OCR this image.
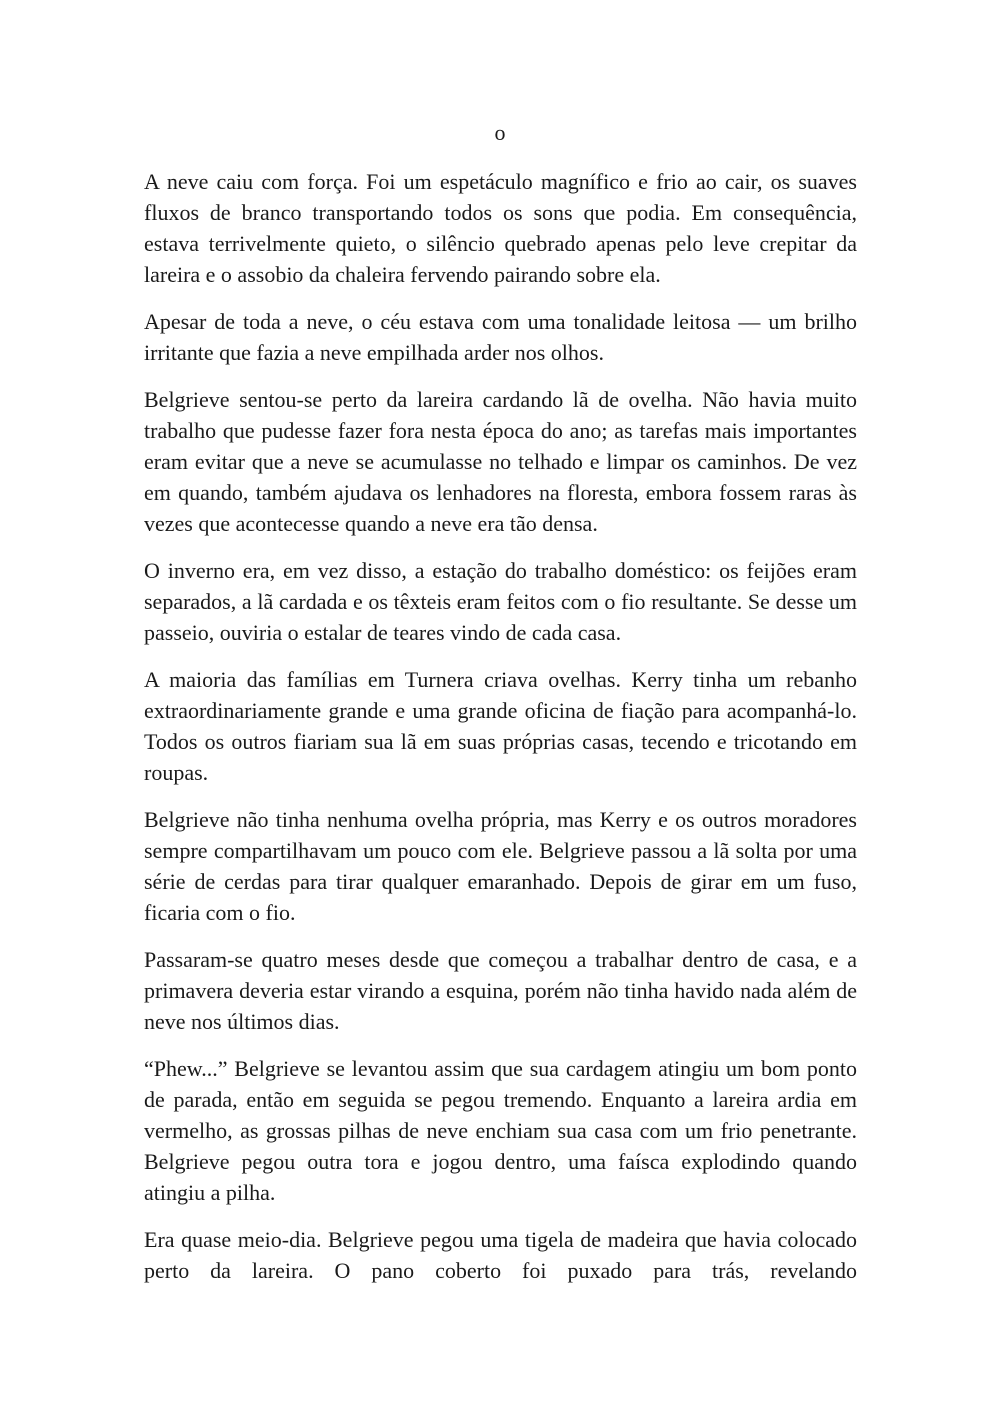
o

A neve caiu com força. Foi um espetáculo magnífico e frio ao cair, os suaves fluxos de branco transportando todos os sons que podia. Em consequência, estava terrivelmente quieto, o silêncio quebrado apenas pelo leve crepitar da lareira e o assobio da chaleira fervendo pairando sobre ela.

Apesar de toda a neve, o céu estava com uma tonalidade leitosa — um brilho irritante que fazia a neve empilhada arder nos olhos.

Belgrieve sentou-se perto da lareira cardando lã de ovelha. Não havia muito trabalho que pudesse fazer fora nesta época do ano; as tarefas mais importantes eram evitar que a neve se acumulasse no telhado e limpar os caminhos. De vez em quando, também ajudava os lenhadores na floresta, embora fossem raras às vezes que acontecesse quando a neve era tão densa.

O inverno era, em vez disso, a estação do trabalho doméstico: os feijões eram separados, a lã cardada e os têxteis eram feitos com o fio resultante. Se desse um passeio, ouviria o estalar de teares vindo de cada casa.

A maioria das famílias em Turnera criava ovelhas. Kerry tinha um rebanho extraordinariamente grande e uma grande oficina de fiação para acompanhá-lo. Todos os outros fiariam sua lã em suas próprias casas, tecendo e tricotando em roupas.

Belgrieve não tinha nenhuma ovelha própria, mas Kerry e os outros moradores sempre compartilhavam um pouco com ele. Belgrieve passou a lã solta por uma série de cerdas para tirar qualquer emaranhado. Depois de girar em um fuso, ficaria com o fio.

Passaram-se quatro meses desde que começou a trabalhar dentro de casa, e a primavera deveria estar virando a esquina, porém não tinha havido nada além de neve nos últimos dias.

“Phew...” Belgrieve se levantou assim que sua cardagem atingiu um bom ponto de parada, então em seguida se pegou tremendo. Enquanto a lareira ardia em vermelho, as grossas pilhas de neve enchiam sua casa com um frio penetrante. Belgrieve pegou outra tora e jogou dentro, uma faísca explodindo quando atingiu a pilha.

Era quase meio-dia. Belgrieve pegou uma tigela de madeira que havia colocado perto da lareira. O pano coberto foi puxado para trás, revelando
